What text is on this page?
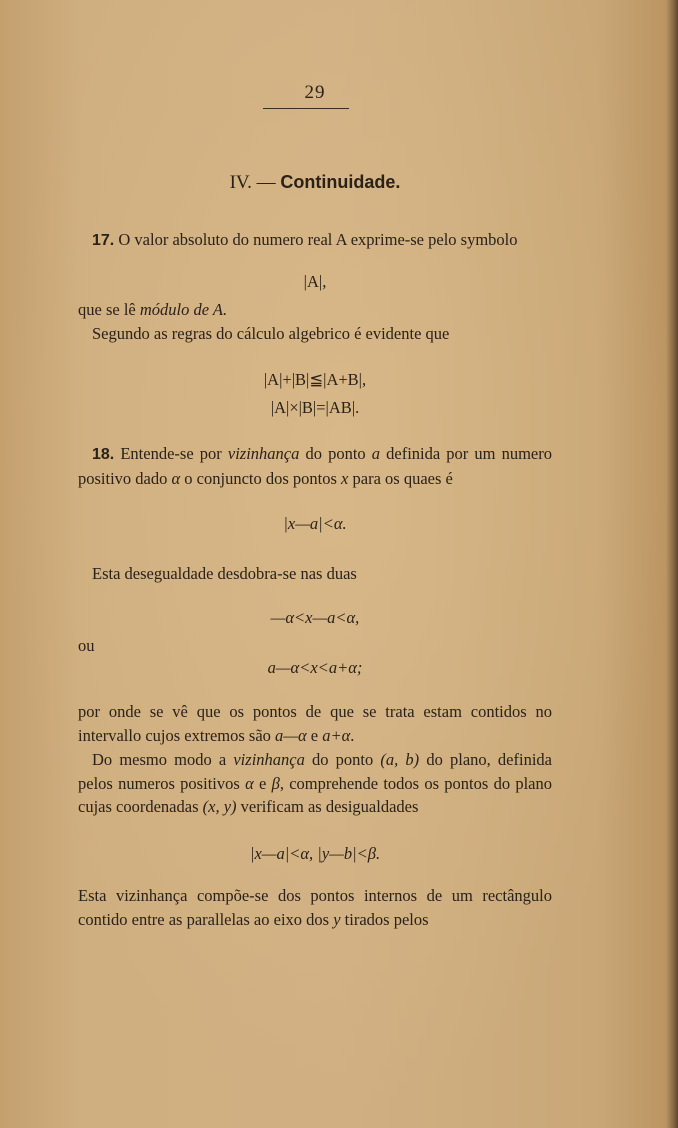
29
IV. — Continuidade.

17. O valor absoluto do numero real A exprime-se pelo symbolo

|A|,

que se lê módulo de A.

Segundo as regras do cálculo algebrico é evidente que

|A|+|B|≦|A+B|,
|A|×|B|=|AB|.

18. Entende-se por vizinhança do ponto a definida por um numero positivo dado α o conjuncto dos pontos x para os quaes é

|x—a|<α.

Esta desegualdade desdobra-se nas duas

—α<x—a<α,

ou

a—α<x<a+α;

por onde se vê que os pontos de que se trata estam contidos no intervallo cujos extremos são a—α e a+α.

Do mesmo modo a vizinhança do ponto (a, b) do plano, definida pelos numeros positivos α e β, comprehende todos os pontos do plano cujas coordenadas (x, y) verificam as desigualdades

|x—a|<α, |y—b|<β.

Esta vizinhança compõe-se dos pontos internos de um rectângulo contido entre as parallelas ao eixo dos y tirados pelos
